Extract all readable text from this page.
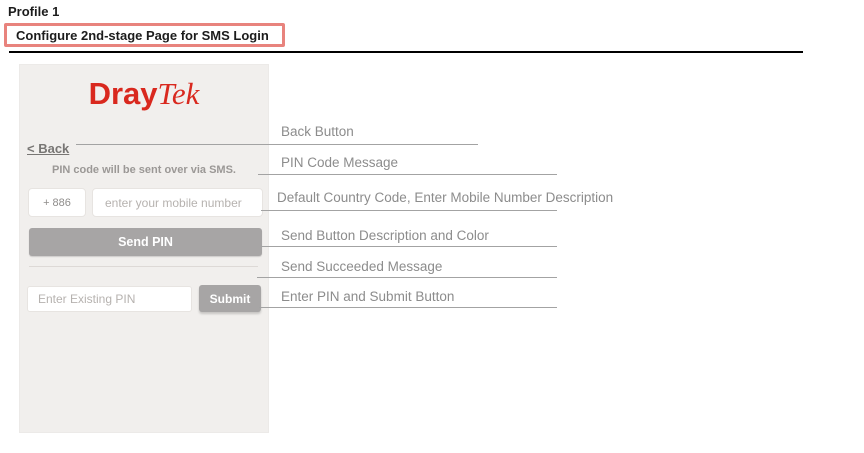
Profile 1
Configure 2nd-stage Page for SMS Login
DrayTek
< Back
PIN code will be sent over via SMS.
+ 886
enter your mobile number
Send PIN
Enter Existing PIN
Submit
Back Button
PIN Code Message
Default Country Code, Enter Mobile Number Description
Send Button Description and Color
Send Succeeded Message
Enter PIN and Submit Button
